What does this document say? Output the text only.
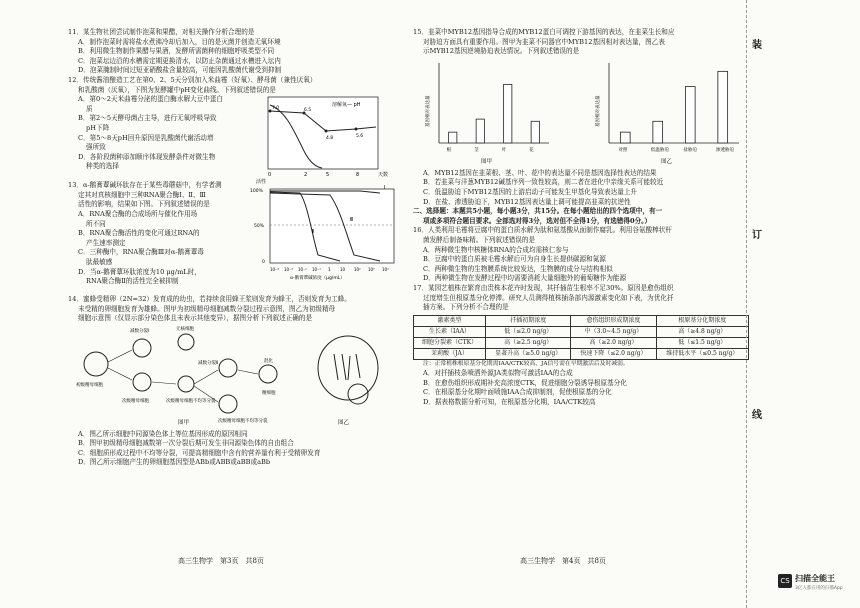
11．某生物社团尝试制作泡菜和果醋，对相关操作分析合理的是

A．制作泡菜时需将盐水煮沸冷却后加入，目的是灭菌并创造无氧环境

B．利用微生物制作果醋与果酒，发酵所需菌种的细胞呼吸类型不同

C．泡菜坛边沿的水槽需定期更换清水，以防止杂菌通过水槽进入坛内

D．泡菜腌制时间过短亚硝酸盐含量较高，可能因乳酸菌代谢受到抑制

12．传统酱油酿造工艺在第0、2、5天分别加入米曲霉（好氧）、酵母菌（兼性厌氧）

和乳酸菌（厌氧），下图为发酵罐中pH变化曲线。下列叙述错误的是

A．第0～2天米曲霉分泌的蛋白酶水解大豆中蛋白

质

B．第2～5天酵母菌占主导，进行无氧呼吸导致

pH下降

C．第5～8天pH回升原因是乳酸菌代谢活动增

强所致

D．各阶段菌种添加顺序体现发酵条件对微生物

种类的选择

溶解氧— pH
7.0	6.5
4.8	5.6
0	2	5	8	天数

13．α-鹅膏蕈碱环肽存在于某些毒蘑菇中，有学者测

定其对真核细胞中三种RNA聚合酶Ⅰ、Ⅱ、Ⅲ

活性的影响，结果如下图。下列叙述错误的是

A．RNA聚合酶的合成场所与催化作用场

所不同

B．RNA聚合酶活性的变化可通过RNA的

产生速率测定

C．三种酶中，RNA聚合酶Ⅲ对α-鹅膏蕈毒

肽最敏感

D．当α-鹅膏蕈环肽浓度为10 μg/mL时，

RNA聚合酶Ⅱ的活性完全被抑制

活性
100%
50%
0
Ⅰ
Ⅱ
Ⅲ
10⁻⁴ 10⁻³ 10⁻² 10⁻¹ 1 10 10² 10³ 10⁴
α-鹅膏蕈碱浓度（μg/mL）

14．蜜蜂受精卵（2N=32）发育成的幼虫，若持续食用蜂王浆则发育为蜂王，否则发育为工蜂。

未受精的卵细胞发育为雄蜂。图甲为初级精母细胞减数分裂过程示意图，图乙为初级精母

细胞示意图（仅显示部分染色体且未表示其他变异），据图分析下列叙述正确的是

初级精母细胞
减数分裂Ⅰ	无核细胞
次级精母细胞	次级精母细胞不均等分裂
减数分裂Ⅱ
次级精母细胞不均等分裂
混化
精细胞
图甲	图乙

A．图乙所示细胞中同源染色体上等位基因形成的原因相同

B．图甲初级精母细胞减数第一次分裂后期可发生非同源染色体的自由组合

C．细胞质形成过程中不均等分裂，可提高精细胞中含有的营养量有利于受精卵发育

D．图乙所示细胞产生的卵细胞基因型是ABb或ABB或aBB或aBb

高三生物学　第3页　共8页

15．韭菜中MYB12基因指导合成的MYB12蛋白可调控下游基因的表达，在韭菜生长和应

对胁迫方面具有重要作用。图甲为韭菜不同器官中MYB12基因相对表达量，图乙表

示MYB12基因逆境胁迫表达情况。下列叙述错误的是

基因相对表达量
根	茎	叶	花
图甲
基因相对表达量
对照	低温胁迫	盐胁迫	渗透胁迫
图乙

A．MYB12基因在韭菜根、茎、叶、花中的表达量不同是基因选择性表达的结果

B．若韭菜与洋葱MYB12碱基序列一致性较高，则二者在进化中亲缘关系可能较近

C．低温胁迫下MYB12基因的上游启动子可能发生甲基化导致表达量上升

D．在盐、渗透胁迫下，MYB12基因表达量上调可能提高韭菜的抗逆性

二、选择题：本题共5小题，每小题3分，共15分。在每小题给出的四个选项中，有一

项或多项符合题目要求。全部选对得3分，选对但不全得1分，有选错得0分。）

16．人类利用毛霉将豆腐中的蛋白质水解为肽和氨基酸从面制作腐乳。利用谷氨酸棒状杆

菌发酵后制备味精。下列叙述错误的是

A．两种微生物中核糖体RNA的合成均需核仁参与

B．豆腐中的蛋白质被毛霉水解后可为自身生长提供碳源和氮源

C．两种微生物的生物膜系统比较发达，生物膜的成分与结构相似

D．两种微生物在发酵过程中均需要消耗大量细胞外的葡萄糖作为能源

17．某园艺植株在繁育由贵株本花卉时发现，其扦插苗生根率不足30%。原因是愈伤组织

过度增生但根原基分化停滞。研究人员测得植株插条部内源激素变化如下表，为优化扦

插方案。下列分析不合理的是

激素类型	扦插初期浓度	愈伤组织形成期浓度	根原基分化期浓度
生长素（IAA）	低（≤2.0 ng/g）	中（3.0~4.5 ng/g）	高（≥4.8 ng/g）
细胞分裂素（CTK）	高（≥2.5 ng/g）	高（≥2.0 ng/g）	低（≤1.5 ng/g）
茉莉酸（JA）	显著升高（≥5.0 ng/g）	快速下降（≤2.0 ng/g）	维持低水平（≤0.5 ng/g）

注：正常植株根原基分化期需IAA/CTK较高，JA信号需在早期激活后及时减弱。

A．对扦插枝条喷洒外源JA类似物可激活IAA的合成

B．在愈伤组织形成期补充高浓度CTK，促进细胞分裂诱导根原基分化

C．在根原基分化期叶面喷施IAA合成抑制剂，促使根原基的分化

D．据表格数据分析可知，在根原基分化期，IAA/CTK较高

高三生物学　第4页　共8页
装
订
线
CS 扫描全能王
3亿人都在用的扫描App
